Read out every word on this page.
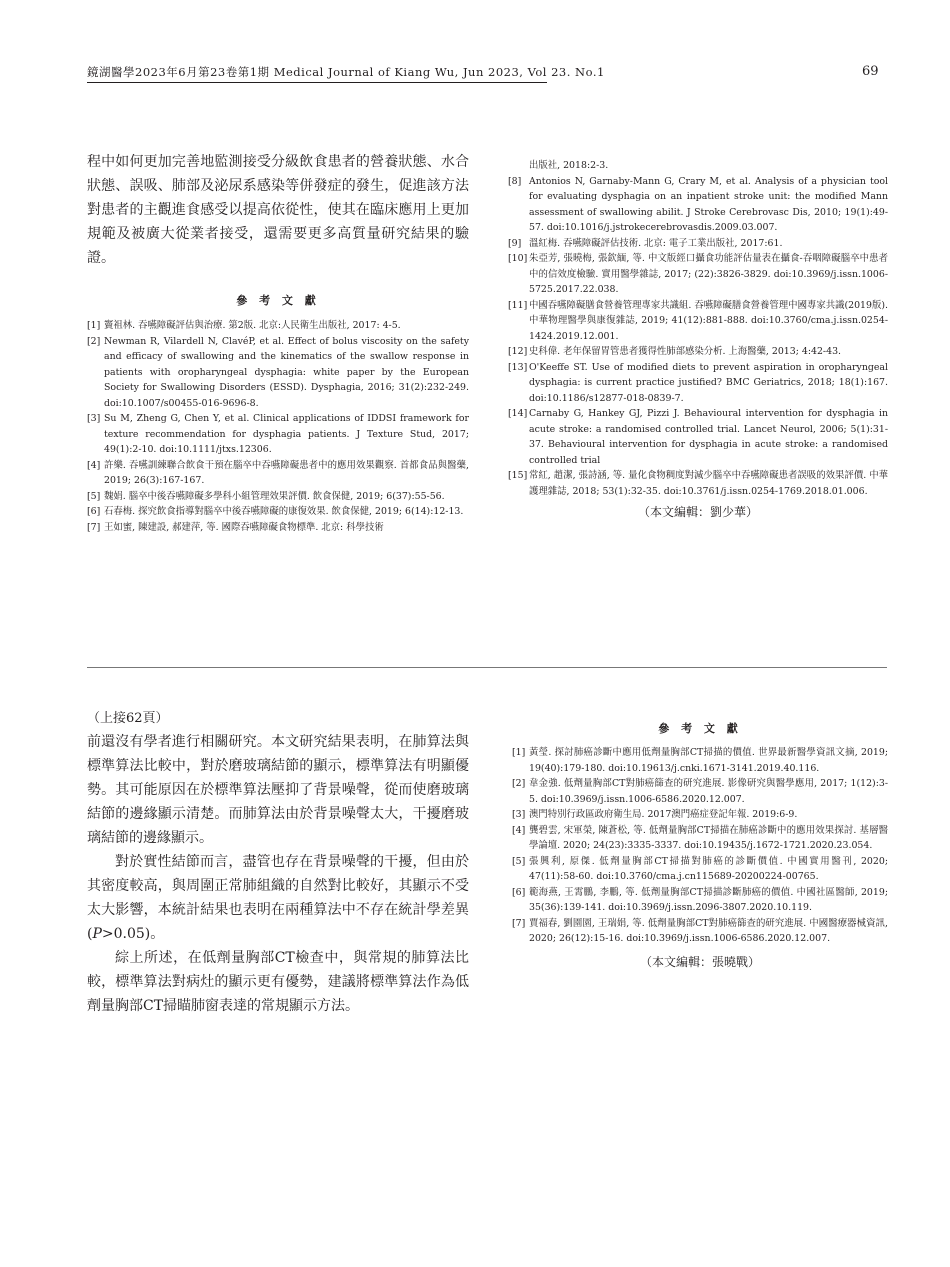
鏡湖醫學2023年6月第23卷第1期 Medical Journal of Kiang Wu, Jun 2023, Vol 23. No.1	69

程中如何更加完善地監測接受分級飲食患者的營養狀態、水合狀態、誤吸、肺部及泌尿系感染等併發症的發生，促進該方法對患者的主觀進食感受以提高依從性，使其在臨床應用上更加規範及被廣大從業者接受，還需要更多高質量研究結果的驗證。

參 考 文 獻

[1] 竇祖林. 吞嚥障礙評估與治療. 第2版. 北京:人民衛生出版社, 2017: 4-5.
[2] Newman R, Vilardell N, ClavéP, et al. Effect of bolus viscosity on the safety and efficacy of swallowing and the kinematics of the swallow response in patients with oropharyngeal dysphagia: white paper by the European Society for Swallowing Disorders (ESSD). Dysphagia, 2016; 31(2):232-249. doi:10.1007/s00455-016-9696-8.
[3] Su M, Zheng G, Chen Y, et al. Clinical applications of IDDSI framework for texture recommendation for dysphagia patients. J Texture Stud, 2017; 49(1):2-10. doi:10.1111/jtxs.12306.
[4] 許樂. 吞嚥訓練聯合飲食干預在腦卒中吞嚥障礙患者中的應用效果觀察. 首都食品與醫藥, 2019; 26(3):167-167.
[5] 魏娟. 腦卒中後吞嚥障礙多學科小組管理效果評價. 飲食保健, 2019; 6(37):55-56.
[6] 石春梅. 探究飲食指導對腦卒中後吞嚥障礙的康復效果. 飲食保健, 2019; 6(14):12-13.
[7] 王如蜜, 陳建設, 郝建萍, 等. 國際吞嚥障礙食物標準. 北京: 科學技術
出版社, 2018:2-3.
[8] Antonios N, Garnaby-Mann G, Crary M, et al. Analysis of a physician tool for evaluating dysphagia on an inpatient stroke unit: the modified Mann assessment of swallowing abilit. J Stroke Cerebrovasc Dis, 2010; 19(1):49-57. doi:10.1016/j.jstrokecerebrovasdis.2009.03.007.
[9] 溫紅梅. 吞嚥障礙評估技術. 北京: 電子工業出版社, 2017:61.
[10] 朱亞芳, 張曉梅, 張欽緬, 等. 中文版經口攝食功能評估量表在攝食-吞咽障礙腦卒中患者中的信效度檢驗. 實用醫學雜誌, 2017; (22):3826-3829. doi:10.3969/j.issn.1006-5725.2017.22.038.
[11] 中國吞嚥障礙膳食營養管理專家共識組. 吞嚥障礙膳食營養管理中國專家共識(2019版). 中華物理醫學與康復雜誌, 2019; 41(12):881-888. doi:10.3760/cma.j.issn.0254-1424.2019.12.001.
[12] 史科偉. 老年保留胃管患者獲得性肺部感染分析. 上海醫藥, 2013; 4:42-43.
[13] O'Keeffe ST. Use of modified diets to prevent aspiration in oropharyngeal dysphagia: is current practice justified? BMC Geriatrics, 2018; 18(1):167. doi:10.1186/s12877-018-0839-7.
[14] Carnaby G, Hankey GJ, Pizzi J. Behavioural intervention for dysphagia in acute stroke: a randomised controlled trial. Lancet Neurol, 2006; 5(1):31-37. Behavioural intervention for dysphagia in acute stroke: a randomised controlled trial
[15] 常紅, 趙潔, 張詩涵, 等. 量化食物稠度對減少腦卒中吞嚥障礙患者誤吸的效果評價. 中華護理雜誌, 2018; 53(1):32-35. doi:10.3761/j.issn.0254-1769.2018.01.006.

（本文編輯：劉少華）

（上接62頁）

前還沒有學者進行相關研究。本文研究結果表明，在肺算法與標準算法比較中，對於磨玻璃結節的顯示，標準算法有明顯優勢。其可能原因在於標準算法壓抑了背景噪聲，從而使磨玻璃結節的邊緣顯示清楚。而肺算法由於背景噪聲太大，干擾磨玻璃結節的邊緣顯示。

對於實性結節而言，盡管也存在背景噪聲的干擾，但由於其密度較高，與周圍正常肺組織的自然對比較好，其顯示不受太大影響，本統計結果也表明在兩種算法中不存在統計學差異(P>0.05)。

綜上所述，在低劑量胸部CT檢查中，與常規的肺算法比較，標準算法對病灶的顯示更有優勢，建議將標準算法作為低劑量胸部CT掃瞄肺窗表達的常規顯示方法。

參 考 文 獻

[1] 黃瑩. 探討肺癌診斷中應用低劑量胸部CT掃描的價值. 世界最新醫學資訊文摘, 2019; 19(40):179-180. doi:10.19613/j.cnki.1671-3141.2019.40.116.
[2] 韋金強. 低劑量胸部CT對肺癌篩查的研究進展. 影像研究與醫學應用, 2017; 1(12):3-5. doi:10.3969/j.issn.1006-6586.2020.12.007.
[3] 澳門特別行政區政府衛生局. 2017澳門癌症登記年報. 2019:6-9.
[4] 龔碧雲, 宋軍榮, 陳蒼松, 等. 低劑量胸部CT掃描在肺癌診斷中的應用效果探討. 基層醫學論壇. 2020; 24(23):3335-3337. doi:10.19435/j.1672-1721.2020.23.054.
[5] 張興利, 原傑. 低劑量胸部CT掃描對肺癌的診斷價值. 中國實用醫刊, 2020; 47(11):58-60. doi:10.3760/cma.j.cn115689-20200224-00765.
[6] 範海燕, 王霄鵬, 李鵬, 等. 低劑量胸部CT掃描診斷肺癌的價值. 中國社區醫師, 2019; 35(36):139-141. doi:10.3969/j.issn.2096-3807.2020.10.119.
[7] 賈福春, 劉園園, 王瑞娟, 等. 低劑量胸部CT對肺癌篩查的研究進展. 中國醫療器械資訊, 2020; 26(12):15-16. doi:10.3969/j.issn.1006-6586.2020.12.007.

（本文編輯：張曉戰）
